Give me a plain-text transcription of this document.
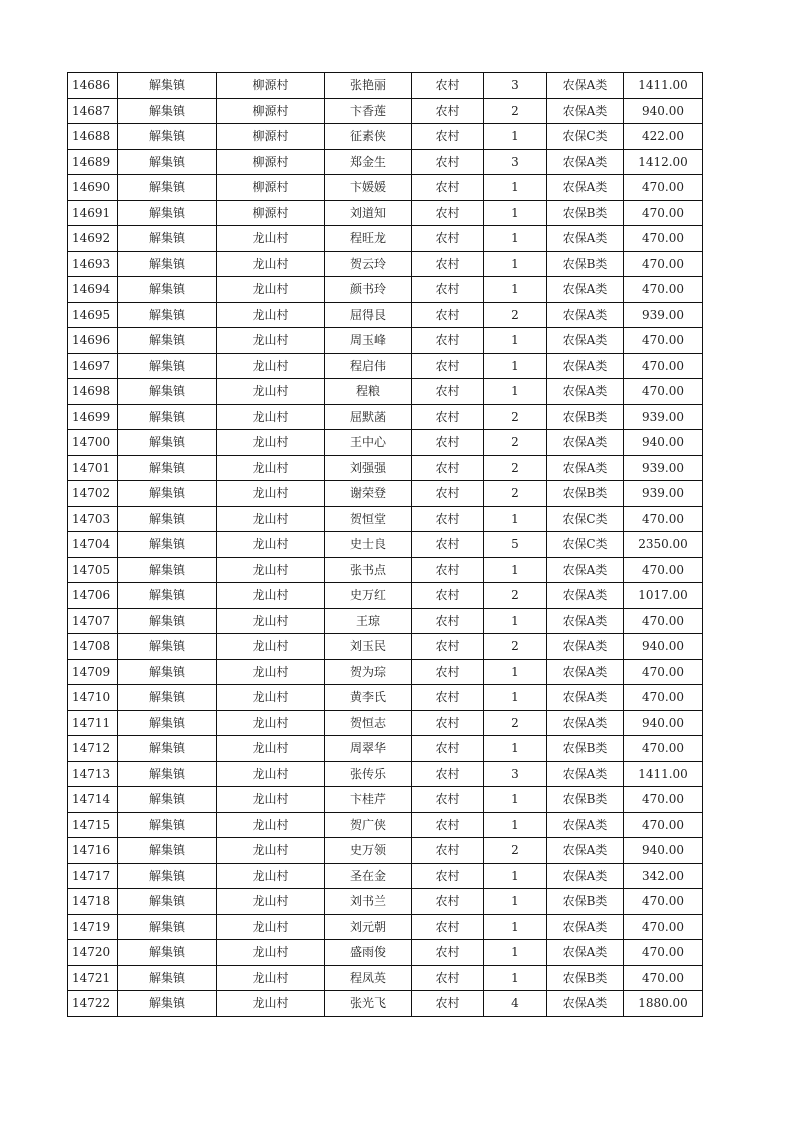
14686	解集镇	柳源村	张艳丽	农村	3	农保A类	1411.00
14687	解集镇	柳源村	卞香莲	农村	2	农保A类	940.00
14688	解集镇	柳源村	征素侠	农村	1	农保C类	422.00
14689	解集镇	柳源村	郑金生	农村	3	农保A类	1412.00
14690	解集镇	柳源村	卞媛媛	农村	1	农保A类	470.00
14691	解集镇	柳源村	刘道知	农村	1	农保B类	470.00
14692	解集镇	龙山村	程旺龙	农村	1	农保A类	470.00
14693	解集镇	龙山村	贺云玲	农村	1	农保B类	470.00
14694	解集镇	龙山村	颜书玲	农村	1	农保A类	470.00
14695	解集镇	龙山村	屈得艮	农村	2	农保A类	939.00
14696	解集镇	龙山村	周玉峰	农村	1	农保A类	470.00
14697	解集镇	龙山村	程启伟	农村	1	农保A类	470.00
14698	解集镇	龙山村	程粮	农村	1	农保A类	470.00
14699	解集镇	龙山村	屈默菡	农村	2	农保B类	939.00
14700	解集镇	龙山村	王中心	农村	2	农保A类	940.00
14701	解集镇	龙山村	刘强强	农村	2	农保A类	939.00
14702	解集镇	龙山村	谢荣登	农村	2	农保B类	939.00
14703	解集镇	龙山村	贺恒堂	农村	1	农保C类	470.00
14704	解集镇	龙山村	史士良	农村	5	农保C类	2350.00
14705	解集镇	龙山村	张书点	农村	1	农保A类	470.00
14706	解集镇	龙山村	史万红	农村	2	农保A类	1017.00
14707	解集镇	龙山村	王琼	农村	1	农保A类	470.00
14708	解集镇	龙山村	刘玉民	农村	2	农保A类	940.00
14709	解集镇	龙山村	贺为琮	农村	1	农保A类	470.00
14710	解集镇	龙山村	黄李氏	农村	1	农保A类	470.00
14711	解集镇	龙山村	贺恒志	农村	2	农保A类	940.00
14712	解集镇	龙山村	周翠华	农村	1	农保B类	470.00
14713	解集镇	龙山村	张传乐	农村	3	农保A类	1411.00
14714	解集镇	龙山村	卞桂芹	农村	1	农保B类	470.00
14715	解集镇	龙山村	贺广侠	农村	1	农保A类	470.00
14716	解集镇	龙山村	史万领	农村	2	农保A类	940.00
14717	解集镇	龙山村	圣在金	农村	1	农保A类	342.00
14718	解集镇	龙山村	刘书兰	农村	1	农保B类	470.00
14719	解集镇	龙山村	刘元朝	农村	1	农保A类	470.00
14720	解集镇	龙山村	盛雨俊	农村	1	农保A类	470.00
14721	解集镇	龙山村	程凤英	农村	1	农保B类	470.00
14722	解集镇	龙山村	张光飞	农村	4	农保A类	1880.00
